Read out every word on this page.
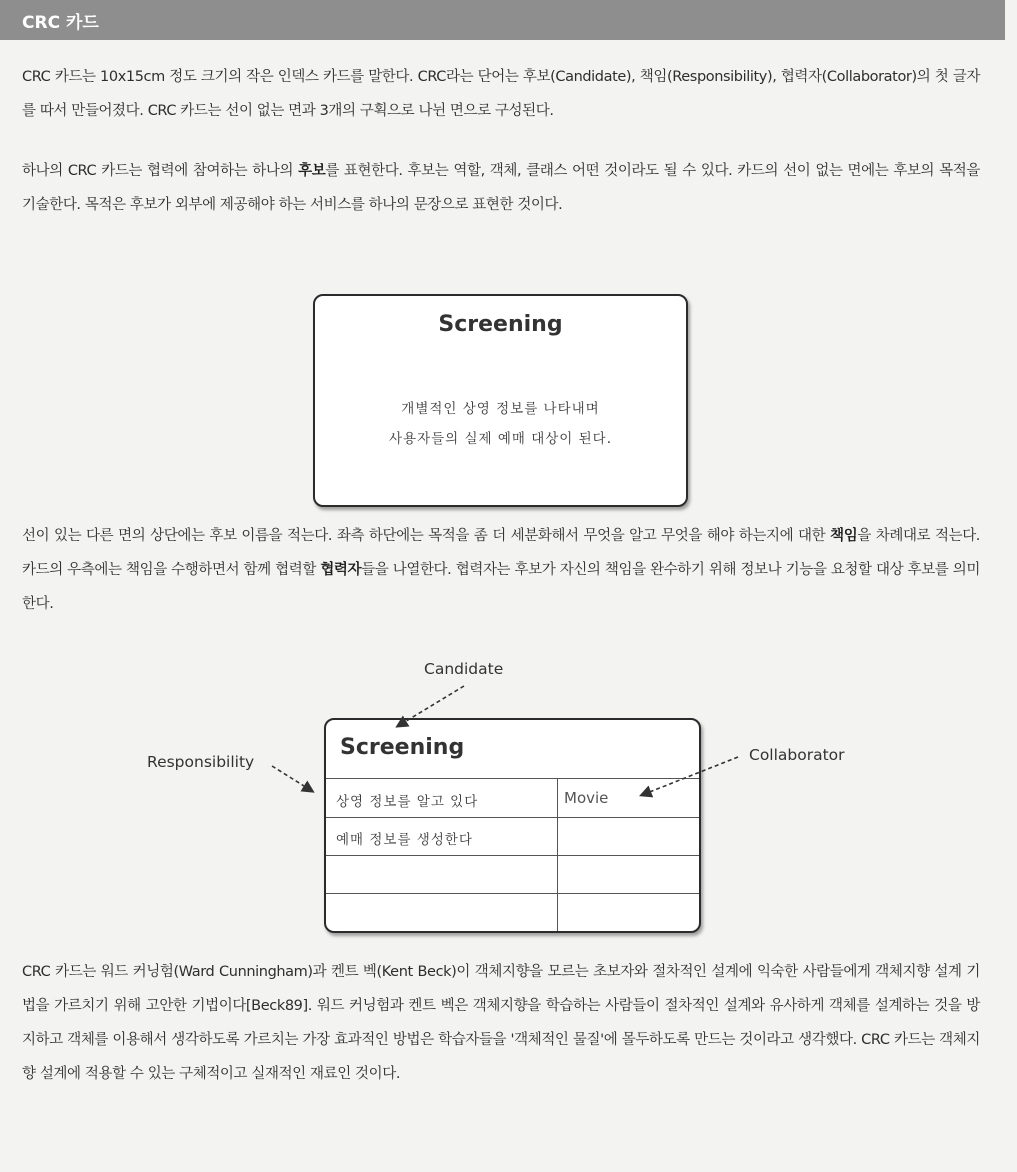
CRC 카드

CRC 카드는 10x15cm 정도 크기의 작은 인덱스 카드를 말한다. CRC라는 단어는 후보(Candidate), 책임(Responsibility), 협력자(Collaborator)의 첫 글자를 따서 만들어졌다. CRC 카드는 선이 없는 면과 3개의 구획으로 나뉜 면으로 구성된다.

하나의 CRC 카드는 협력에 참여하는 하나의 후보를 표현한다. 후보는 역할, 객체, 클래스 어떤 것이라도 될 수 있다. 카드의 선이 없는 면에는 후보의 목적을 기술한다. 목적은 후보가 외부에 제공해야 하는 서비스를 하나의 문장으로 표현한 것이다.

Screening
개별적인 상영 정보를 나타내며
사용자들의 실제 예매 대상이 된다.

선이 있는 다른 면의 상단에는 후보 이름을 적는다. 좌측 하단에는 목적을 좀 더 세분화해서 무엇을 알고 무엇을 해야 하는지에 대한 책임을 차례대로 적는다. 카드의 우측에는 책임을 수행하면서 함께 협력할 협력자들을 나열한다. 협력자는 후보가 자신의 책임을 완수하기 위해 정보나 기능을 요청할 대상 후보를 의미한다.

Candidate
Responsibility	Collaborator
Screening
상영 정보를 알고 있다
예매 정보를 생성한다
Movie

CRC 카드는 워드 커닝험(Ward Cunningham)과 켄트 벡(Kent Beck)이 객체지향을 모르는 초보자와 절차적인 설계에 익숙한 사람들에게 객체지향 설계 기법을 가르치기 위해 고안한 기법이다[Beck89]. 워드 커닝험과 켄트 벡은 객체지향을 학습하는 사람들이 절차적인 설계와 유사하게 객체를 설계하는 것을 방지하고 객체를 이용해서 생각하도록 가르치는 가장 효과적인 방법은 학습자들을 '객체적인 물질'에 몰두하도록 만드는 것이라고 생각했다. CRC 카드는 객체지향 설계에 적용할 수 있는 구체적이고 실재적인 재료인 것이다.
